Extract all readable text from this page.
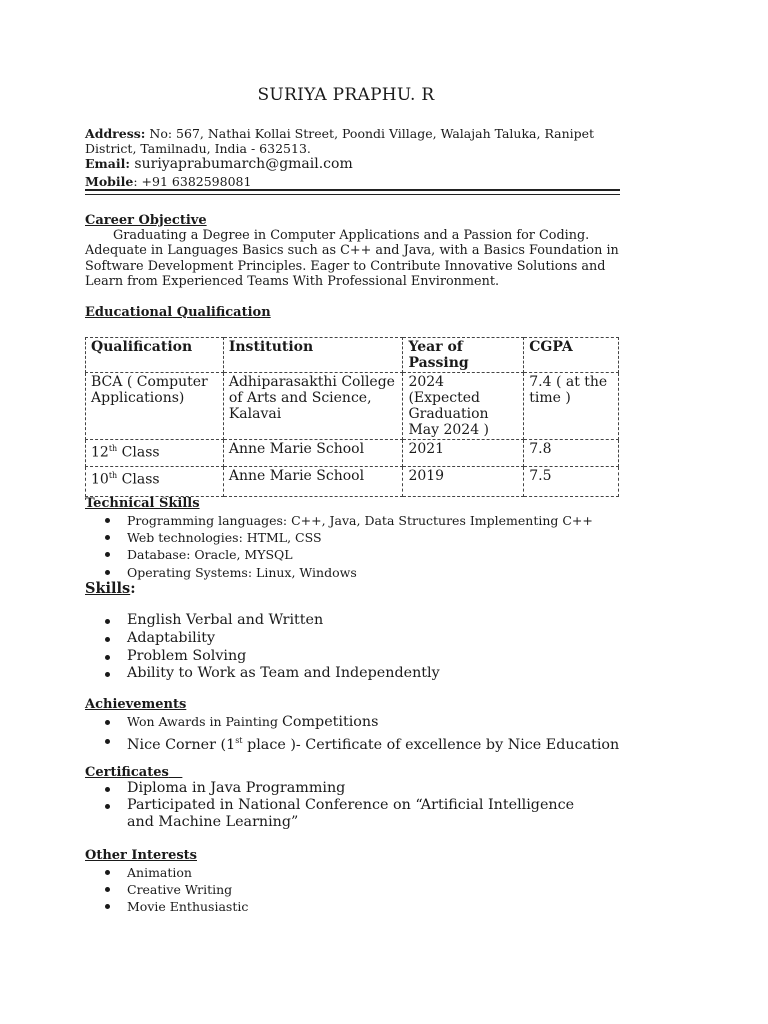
SURIYA PRAPHU. R
Address: No: 567, Nathai Kollai Street, Poondi Village, Walajah Taluka, Ranipet
District, Tamilnadu, India - 632513.
Email: suriyaprabumarch@gmail.com
Mobile: +91 6382598081
Career Objective
Graduating a Degree in Computer Applications and a Passion for Coding.
Adequate in Languages Basics such as C++ and Java, with a Basics Foundation in
Software Development Principles. Eager to Contribute Innovative Solutions and
Learn from Experienced Teams With Professional Environment.
Educational Qualification
Qualification	Institution	Year of Passing	CGPA
BCA ( Computer Applications)	Adhiparasakthi College of Arts and Science, Kalavai	2024 (Expected Graduation May 2024 )	7.4 ( at the time )
12th Class	Anne Marie School	2021	7.8
10th Class	Anne Marie School	2019	7.5
Technical Skills
Programming languages: C++, Java, Data Structures Implementing C++
Web technologies: HTML, CSS
Database: Oracle, MYSQL
Operating Systems: Linux, Windows
Skills:
English Verbal and Written
Adaptability
Problem Solving
Ability to Work as Team and Independently
Achievements
Won Awards in Painting Competitions
Nice Corner (1st place )- Certificate of excellence by Nice Education
Certificates
Diploma in Java Programming
Participated in National Conference on “Artificial Intelligence and Machine Learning”
Other Interests
Animation
Creative Writing
Movie Enthusiastic
